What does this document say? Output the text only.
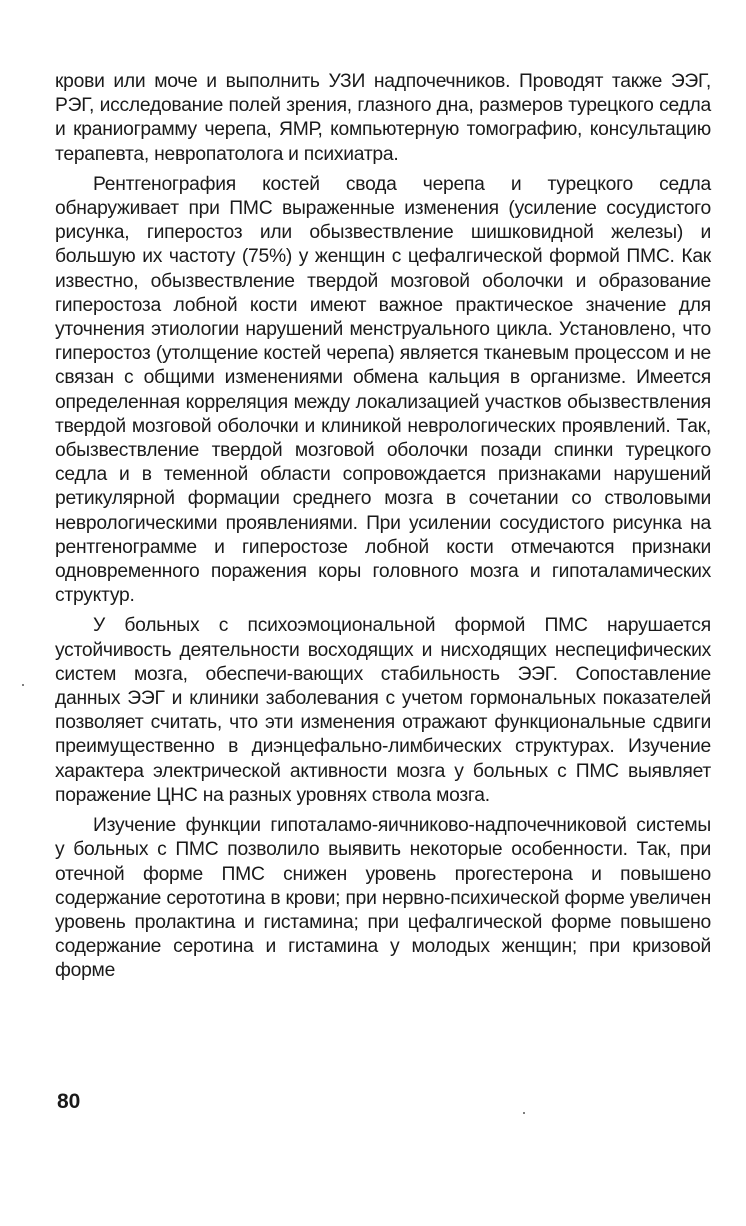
крови или моче и выполнить УЗИ надпочечников. Проводят также ЭЭГ, РЭГ, исследование полей зрения, глазного дна, размеров турецкого седла и краниограмму черепа, ЯМР, компьютерную томографию, консультацию терапевта, невропатолога и психиатра.

Рентгенография костей свода черепа и турецкого седла обнаруживает при ПМС выраженные изменения (усиление сосудистого рисунка, гиперостоз или обызвествление шишковидной железы) и большую их частоту (75%) у женщин с цефалгической формой ПМС. Как известно, обызвествление твердой мозговой оболочки и образование гиперостоза лобной кости имеют важное практическое значение для уточнения этиологии нарушений менструального цикла. Установлено, что гиперостоз (утолщение костей черепа) является тканевым процессом и не связан с общими изменениями обмена кальция в организме. Имеется определенная корреляция между локализацией участков обызвествления твердой мозговой оболочки и клиникой неврологических проявлений. Так, обызвествление твердой мозговой оболочки позади спинки турецкого седла и в теменной области сопровождается признаками нарушений ретикулярной формации среднего мозга в сочетании со стволовыми неврологическими проявлениями. При усилении сосудистого рисунка на рентгенограмме и гиперостозе лобной кости отмечаются признаки одновременного поражения коры головного мозга и гипоталамических структур.

У больных с психоэмоциональной формой ПМС нарушается устойчивость деятельности восходящих и нисходящих неспецифических систем мозга, обеспечи-вающих стабильность ЭЭГ. Сопоставление данных ЭЭГ и клиники заболевания с учетом гормональных показателей позволяет считать, что эти изменения отражают функциональные сдвиги преимущественно в диэнцефально-лимбических структурах. Изучение характера электрической активности мозга у больных с ПМС выявляет поражение ЦНС на разных уровнях ствола мозга.

Изучение функции гипоталамо-яичниково-надпочечниковой системы у больных с ПМС позволило выявить некоторые особенности. Так, при отечной форме ПМС снижен уровень прогестерона и повышено содержание серототина в крови; при нервно-психической форме увеличен уровень пролактина и гистамина; при цефалгической форме повышено содержание серотина и гистамина у молодых женщин; при кризовой форме

80
